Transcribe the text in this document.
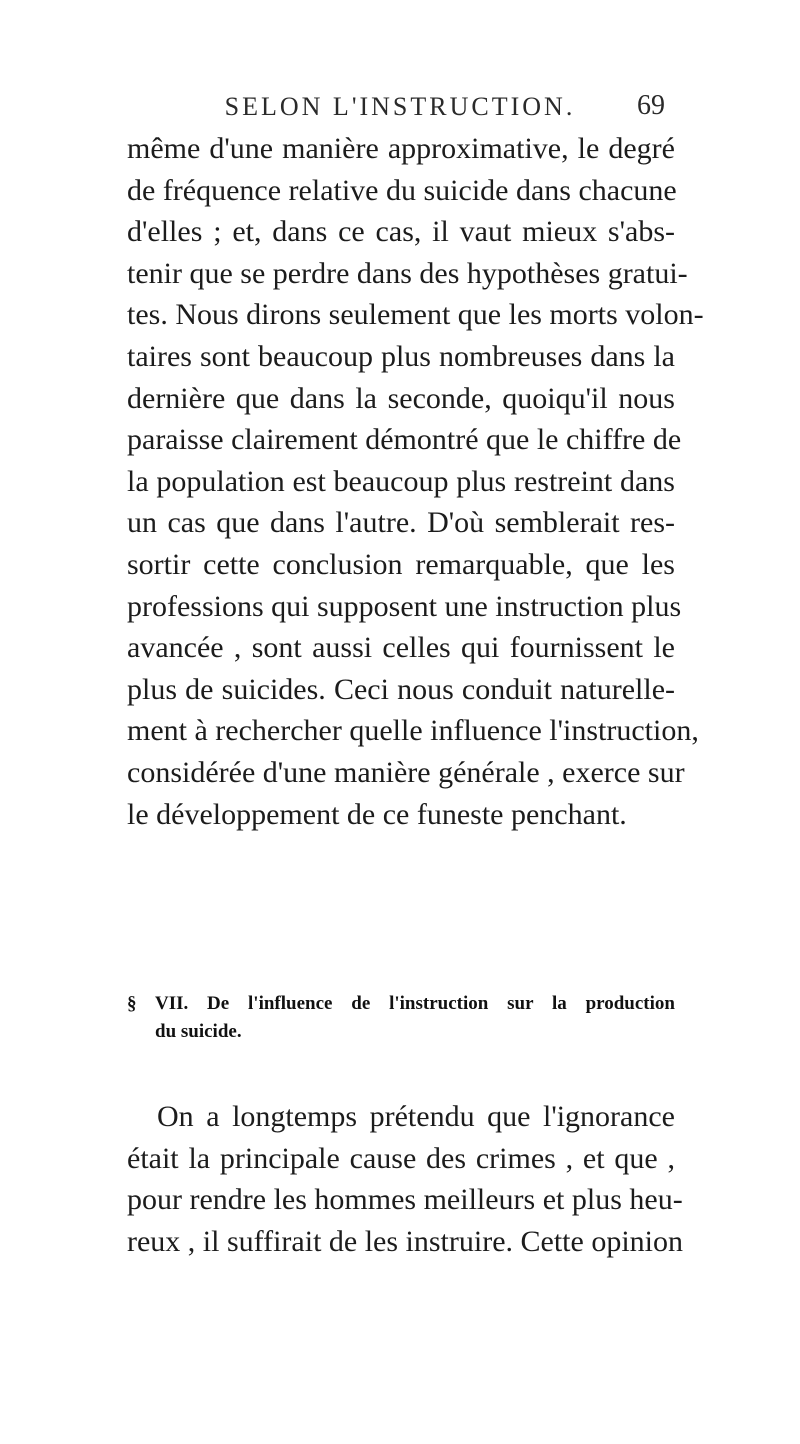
SELON L'INSTRUCTION.	69
même d'une manière approximative, le degré
de fréquence relative du suicide dans chacune
d'elles ; et, dans ce cas, il vaut mieux s'abs-
tenir que se perdre dans des hypothèses gratui-
tes. Nous dirons seulement que les morts volon-
taires sont beaucoup plus nombreuses dans la
dernière que dans la seconde, quoiqu'il nous
paraisse clairement démontré que le chiffre de
la population est beaucoup plus restreint dans
un cas que dans l'autre. D'où semblerait res-
sortir cette conclusion remarquable, que les
professions qui supposent une instruction plus
avancée , sont aussi celles qui fournissent le
plus de suicides. Ceci nous conduit naturelle-
ment à rechercher quelle influence l'instruction,
considérée d'une manière générale , exerce sur
le développement de ce funeste penchant.
§ VII. De l'influence de l'instruction sur la production
du suicide.
On a longtemps prétendu que l'ignorance
était la principale cause des crimes , et que ,
pour rendre les hommes meilleurs et plus heu-
reux , il suffirait de les instruire. Cette opinion
